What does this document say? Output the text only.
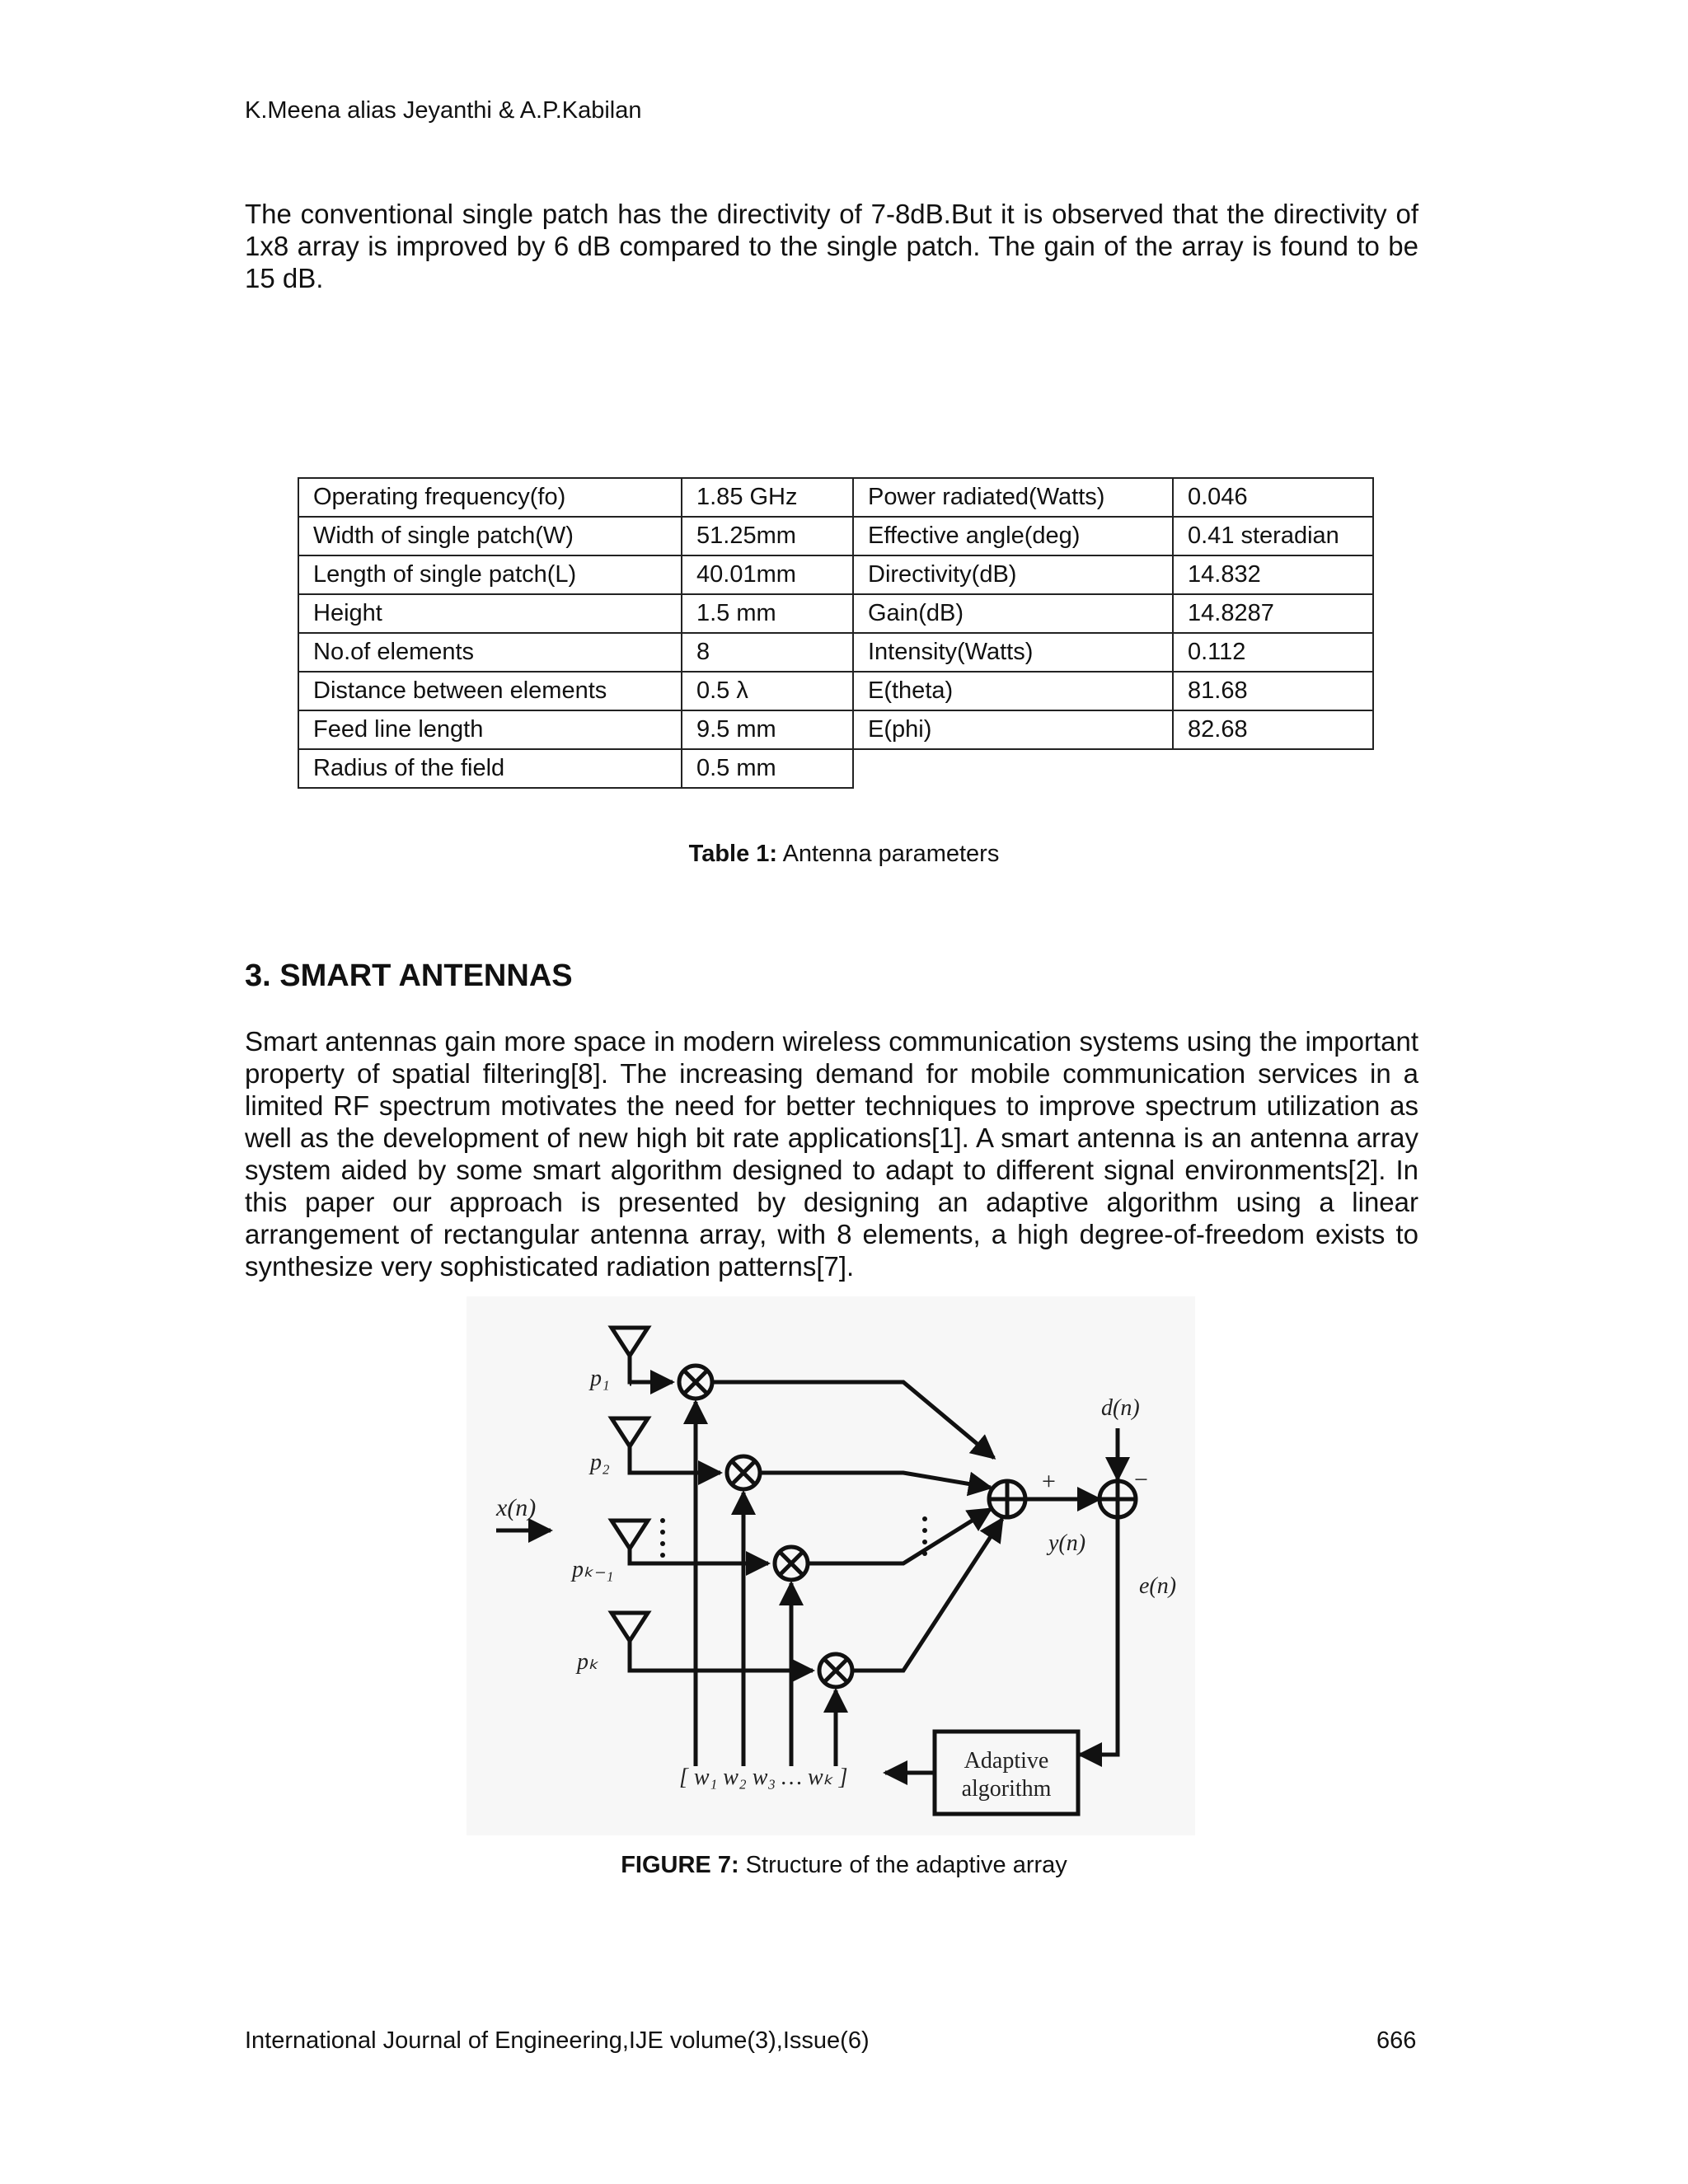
K.Meena alias Jeyanthi & A.P.Kabilan
The conventional single patch has the directivity of 7-8dB.But it is observed that the directivity of 1x8 array is improved by 6 dB compared to the single patch. The gain of the array is found to be 15 dB.
Operating frequency(fo)	1.85 GHz	Power radiated(Watts)	0.046
Width of single patch(W)	51.25mm	Effective angle(deg)	0.41 steradian
Length of single patch(L)	40.01mm	Directivity(dB)	14.832
Height	1.5 mm	Gain(dB)	14.8287
No.of elements	8	Intensity(Watts)	0.112
Distance between elements	0.5 λ	E(theta)	81.68
Feed line length	9.5 mm	E(phi)	82.68
Radius of the field	0.5 mm		
Table 1: Antenna parameters
3. SMART ANTENNAS
Smart antennas gain more space in modern wireless communication systems using the important property of spatial filtering[8]. The increasing demand for mobile communication services in a limited RF spectrum motivates the need for better techniques to improve spectrum utilization as well as the development of new high bit rate applications[1]. A smart antenna is an antenna array system aided by some smart algorithm designed to adapt to different signal environments[2]. In this paper our approach is presented by designing an adaptive algorithm using a linear arrangement of rectangular antenna array, with 8 elements, a high degree-of-freedom exists to synthesize very sophisticated radiation patterns[7].
x(n)
p₁
p₂
pₖ₋₁
pₖ
d(n)
+	−
y(n)
e(n)
[ w₁ w₂ w₃ … wₖ ]
Adaptive
algorithm
FIGURE 7: Structure of the adaptive array
International Journal of Engineering,IJE volume(3),Issue(6)	666
